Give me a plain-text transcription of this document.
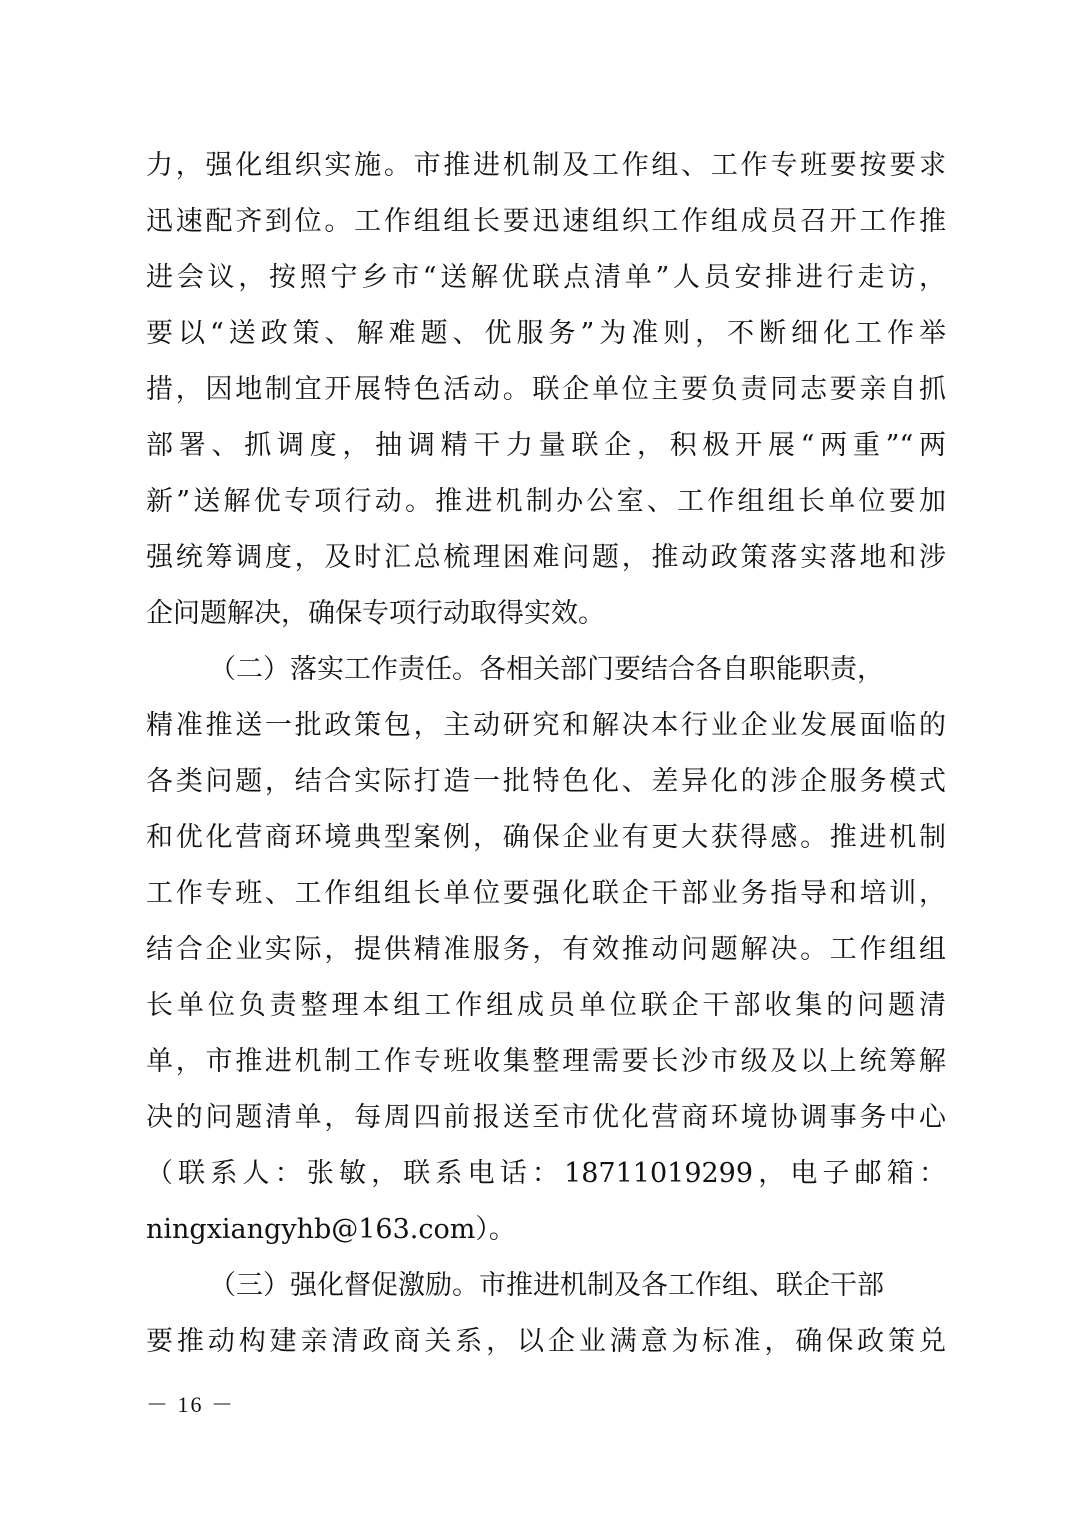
力，强化组织实施。市推进机制及工作组、工作专班要按要求
迅速配齐到位。工作组组长要迅速组织工作组成员召开工作推
进会议，按照宁乡市“送解优联点清单”人员安排进行走访，
要以“送政策、解难题、优服务”为准则，不断细化工作举
措，因地制宜开展特色活动。联企单位主要负责同志要亲自抓
部署、抓调度，抽调精干力量联企，积极开展“两重”“两
新”送解优专项行动。推进机制办公室、工作组组长单位要加
强统筹调度，及时汇总梳理困难问题，推动政策落实落地和涉
企问题解决，确保专项行动取得实效。
（二）落实工作责任。各相关部门要结合各自职能职责，
精准推送一批政策包，主动研究和解决本行业企业发展面临的
各类问题，结合实际打造一批特色化、差异化的涉企服务模式
和优化营商环境典型案例，确保企业有更大获得感。推进机制
工作专班、工作组组长单位要强化联企干部业务指导和培训，
结合企业实际，提供精准服务，有效推动问题解决。工作组组
长单位负责整理本组工作组成员单位联企干部收集的问题清
单，市推进机制工作专班收集整理需要长沙市级及以上统筹解
决的问题清单，每周四前报送至市优化营商环境协调事务中心
（联系人：张敏，联系电话：18711019299，电子邮箱：
ningxiangyhb@163.com）。
（三）强化督促激励。市推进机制及各工作组、联企干部
要推动构建亲清政商关系，以企业满意为标准，确保政策兑
－ 16 －
